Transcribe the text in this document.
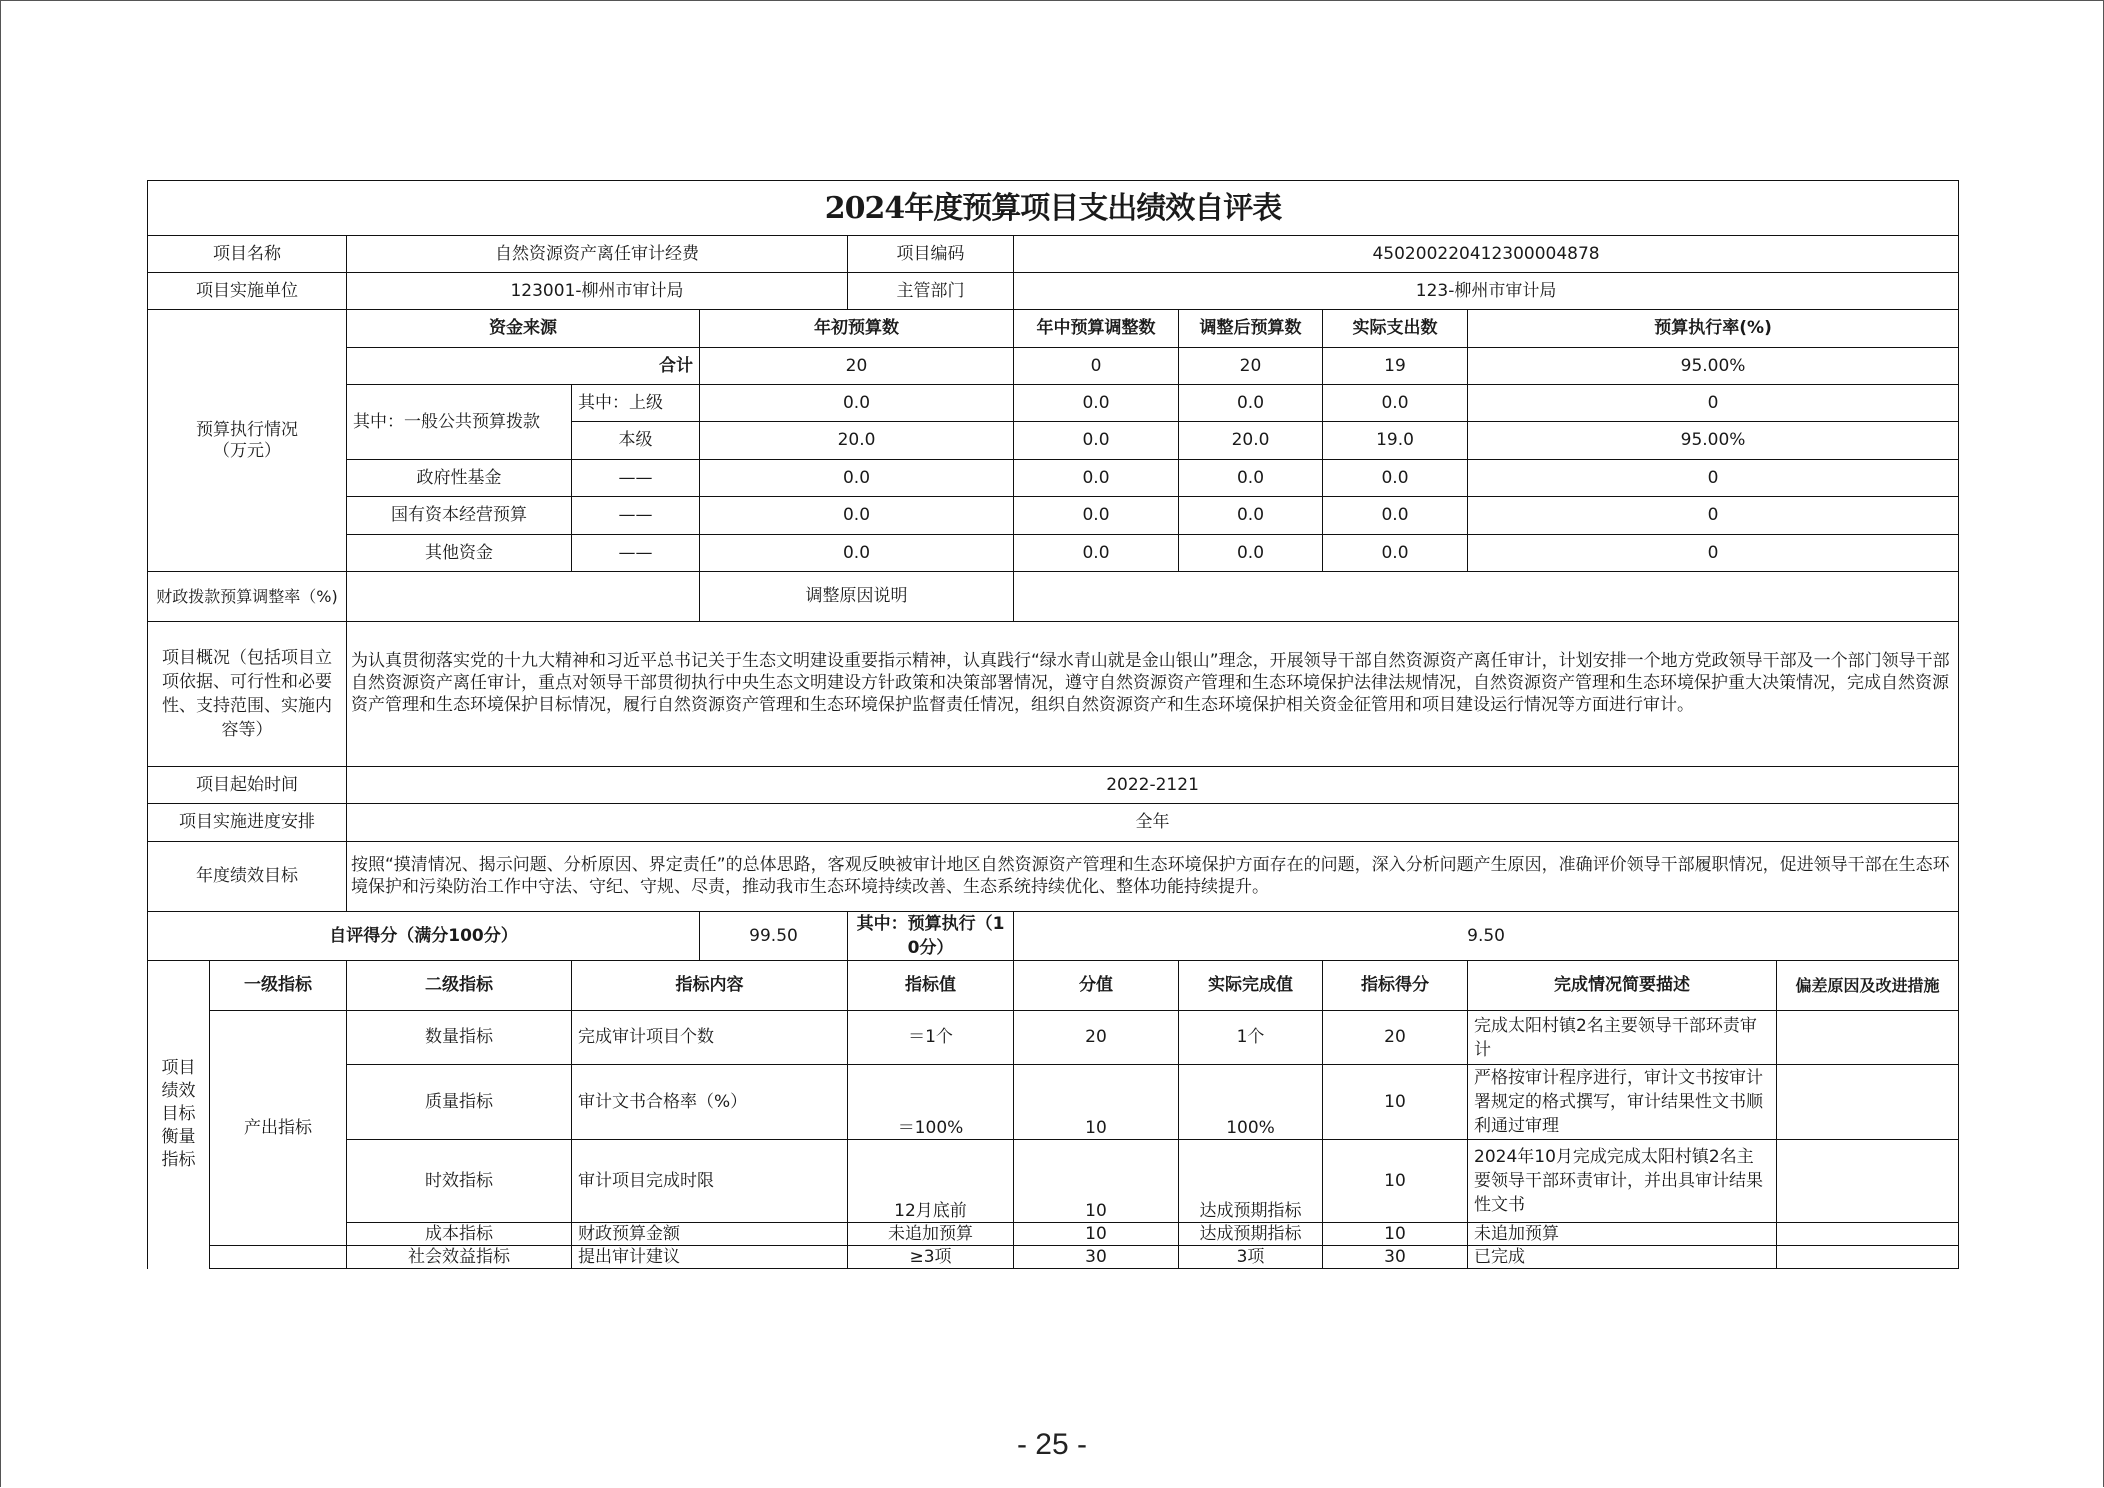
2024年度预算项目支出绩效自评表										
项目名称		自然资源资产离任审计经费			项目编码	450200220412300004878				
项目实施单位		123001-柳州市审计局			主管部门	123-柳州市审计局				
预算执行情况
（万元）		资金来源		年初预算数		年中预算调整数	调整后预算数	实际支出数	预算执行率(%)	
		合计		20		0	20	19	95.00%	
		其中：一般公共预算拨款	其中：上级	0.0		0.0	0.0	0.0	0	
			本级	20.0		0.0	20.0	19.0	95.00%	
		政府性基金	——	0.0		0.0	0.0	0.0	0	
		国有资本经营预算	——	0.0		0.0	0.0	0.0	0	
		其他资金	——	0.0		0.0	0.0	0.0	0	
财政拨款预算调整率（%)				调整原因说明						
项目概况（包括项目立项依据、可行性和必要性、支持范围、实施内容等）		为认真贯彻落实党的十九大精神和习近平总书记关于生态文明建设重要指示精神，认真践行“绿水青山就是金山银山”理念，开展领导干部自然资源资产离任审计，计划安排一个地方党政领导干部及一个部门领导干部自然资源资产离任审计，重点对领导干部贯彻执行中央生态文明建设方针政策和决策部署情况，遵守自然资源资产管理和生态环境保护法律法规情况，自然资源资产管理和生态环境保护重大决策情况，完成自然资源资产管理和生态环境保护目标情况，履行自然资源资产管理和生态环境保护监督责任情况，组织自然资源资产和生态环境保护相关资金征管用和项目建设运行情况等方面进行审计。								
项目起始时间		2022-2121								
项目实施进度安排		全年								
年度绩效目标		按照“摸清情况、揭示问题、分析原因、界定责任”的总体思路，客观反映被审计地区自然资源资产管理和生态环境保护方面存在的问题，深入分析问题产生原因，准确评价领导干部履职情况，促进领导干部在生态环境保护和污染防治工作中守法、守纪、守规、尽责，推动我市生态环境持续改善、生态系统持续优化、整体功能持续提升。								
自评得分（满分100分）				99.50	其中：预算执行（10分）	9.50				
项目
绩效
目标
衡量
指标	一级指标	二级指标	指标内容		指标值	分值	实际完成值	指标得分	完成情况简要描述	偏差原因及改进措施
	产出指标	数量指标	完成审计项目个数		＝1个	20	1个	20	完成太阳村镇2名主要领导干部环责审计	
		质量指标	审计文书合格率（%）		＝100%	10	100%	10	严格按审计程序进行，审计文书按审计署规定的格式撰写，审计结果性文书顺利通过审理	
		时效指标	审计项目完成时限		12月底前	10	达成预期指标	10	2024年10月完成完成太阳村镇2名主要领导干部环责审计，并出具审计结果性文书	
		成本指标	财政预算金额		未追加预算	10	达成预期指标	10	未追加预算	
		社会效益指标	提出审计建议		≥3项	30	3项	30	已完成	
- 25 -
